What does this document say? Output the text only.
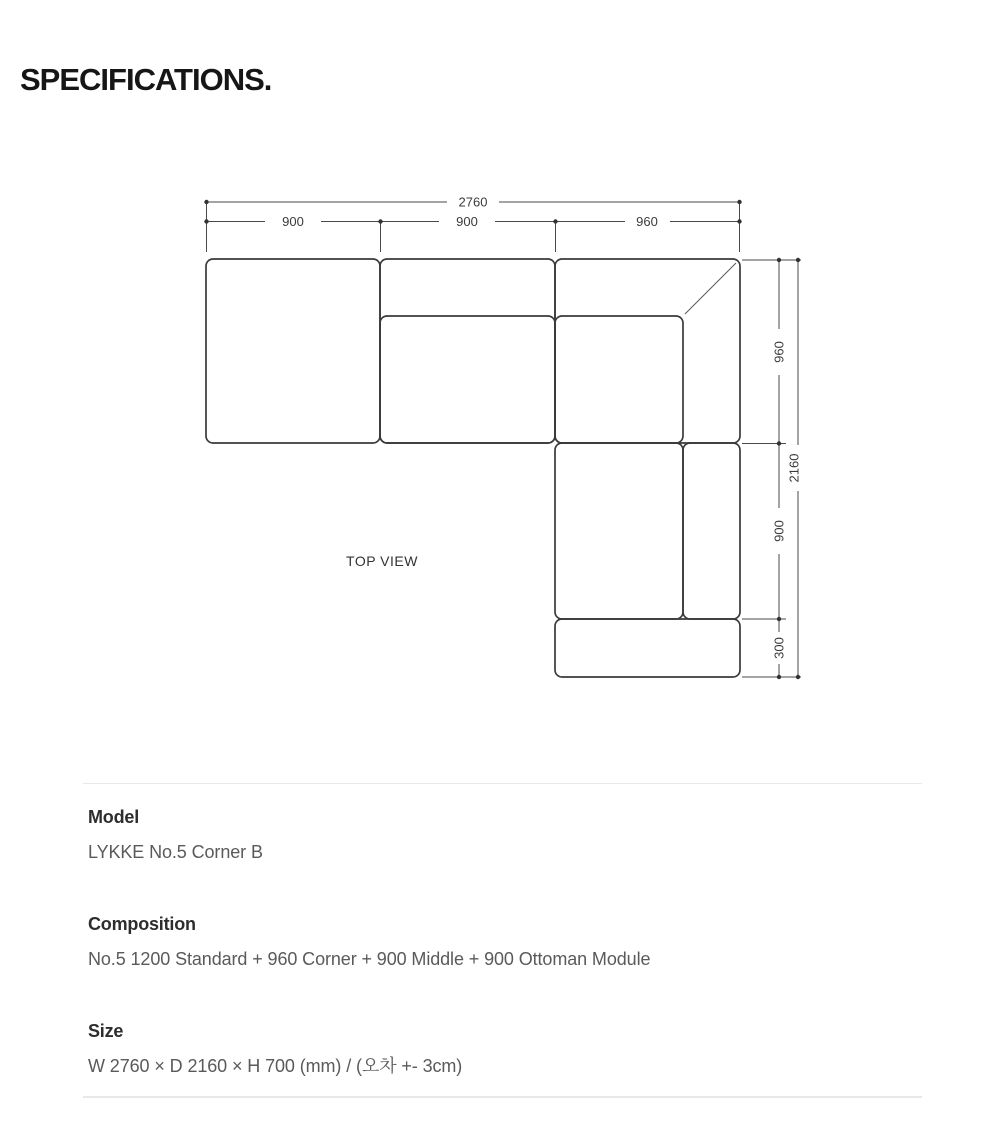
SPECIFICATIONS.
2760
900	900	960
960
900
300
2160
TOP VIEW

Model

LYKKE No.5 Corner B

Composition

No.5 1200 Standard + 960 Corner + 900 Middle + 900 Ottoman Module

Size

W 2760 × D 2160 × H 700 (mm) / (오차 +- 3cm)
